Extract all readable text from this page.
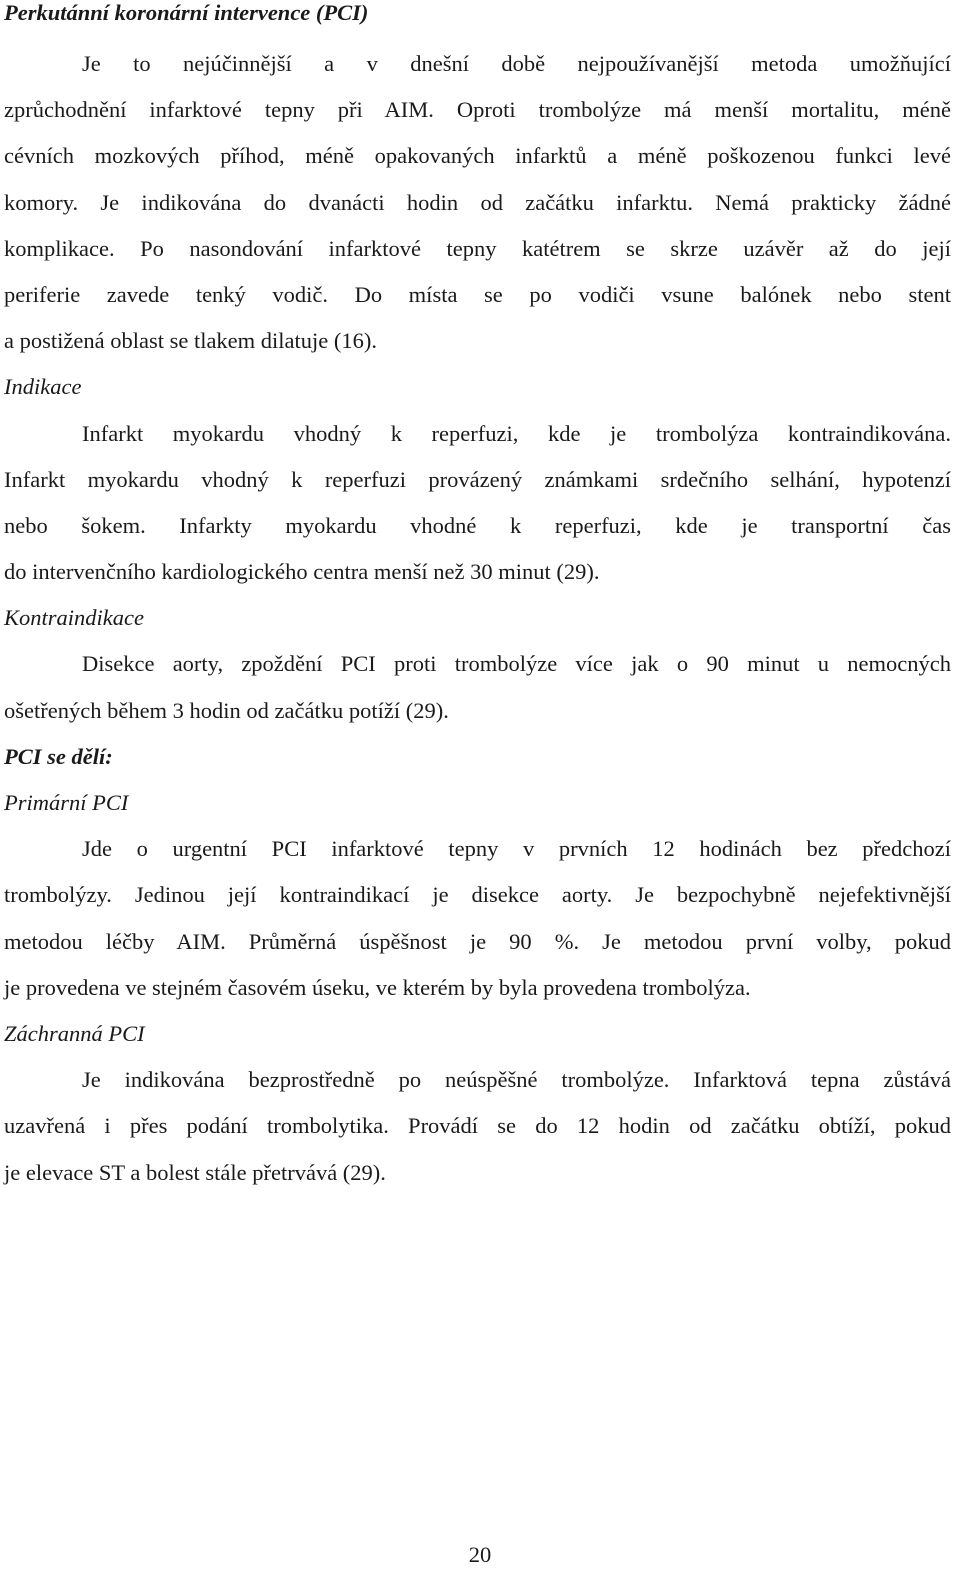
Perkutánní koronární intervence (PCI)

Je to nejúčinnější a v dnešní době nejpoužívanější metoda umožňující

zprůchodnění infarktové tepny při AIM. Oproti trombolýze má menší mortalitu, méně

cévních mozkových příhod, méně opakovaných infarktů a méně poškozenou funkci levé

komory. Je indikována do dvanácti hodin od začátku infarktu. Nemá prakticky žádné

komplikace. Po nasondování infarktové tepny katétrem se skrze uzávěr až do její

periferie zavede tenký vodič. Do místa se po vodiči vsune balónek nebo stent

a postižená oblast se tlakem dilatuje (16).

Indikace

Infarkt myokardu vhodný k reperfuzi, kde je trombolýza kontraindikována.

Infarkt myokardu vhodný k reperfuzi provázený známkami srdečního selhání, hypotenzí

nebo šokem. Infarkty myokardu vhodné k reperfuzi, kde je transportní čas

do intervenčního kardiologického centra menší než 30 minut (29).

Kontraindikace

Disekce aorty, zpoždění PCI proti trombolýze více jak o 90 minut u nemocných

ošetřených během 3 hodin od začátku potíží (29).

PCI se dělí:

Primární PCI

Jde o urgentní PCI infarktové tepny v prvních 12 hodinách bez předchozí

trombolýzy. Jedinou její kontraindikací je disekce aorty. Je bezpochybně nejefektivnější

metodou léčby AIM. Průměrná úspěšnost je 90 %. Je metodou první volby, pokud

je provedena ve stejném časovém úseku, ve kterém by byla provedena trombolýza.

Záchranná PCI

Je indikována bezprostředně po neúspěšné trombolýze. Infarktová tepna zůstává

uzavřená i přes podání trombolytika. Provádí se do 12 hodin od začátku obtíží, pokud

je elevace ST a bolest stále přetrvává (29).

20
